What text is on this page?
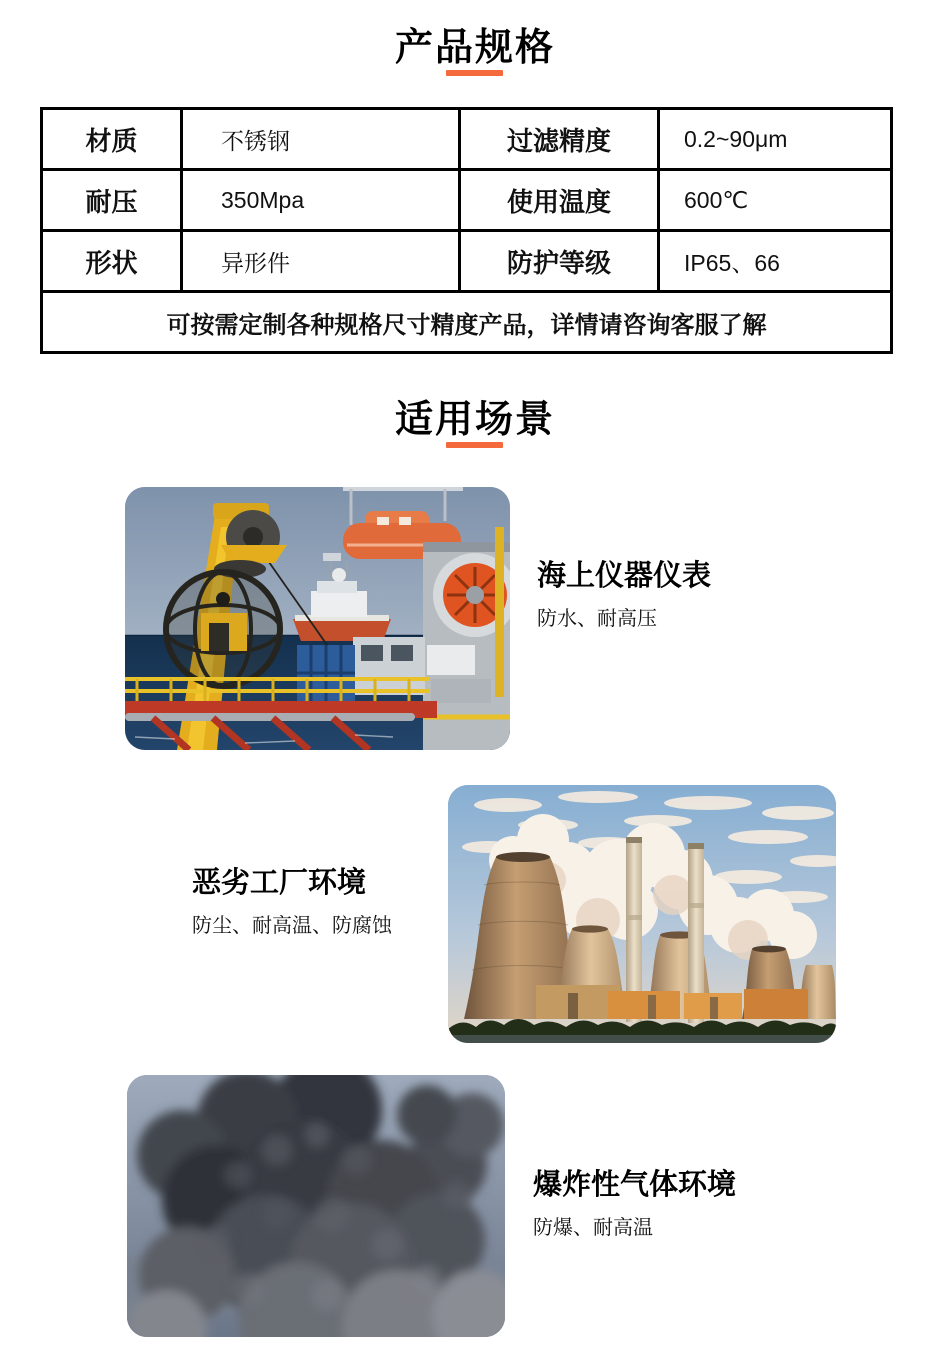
产品规格
材质	不锈钢	过滤精度	0.2~90μm
耐压	350Mpa	使用温度	600℃
形状	异形件	防护等级	IP65、66
可按需定制各种规格尺寸精度产品，详情请咨询客服了解
适用场景
海上仪器仪表

防水、耐高压

恶劣工厂环境

防尘、耐高温、防腐蚀

爆炸性气体环境

防爆、耐高温
